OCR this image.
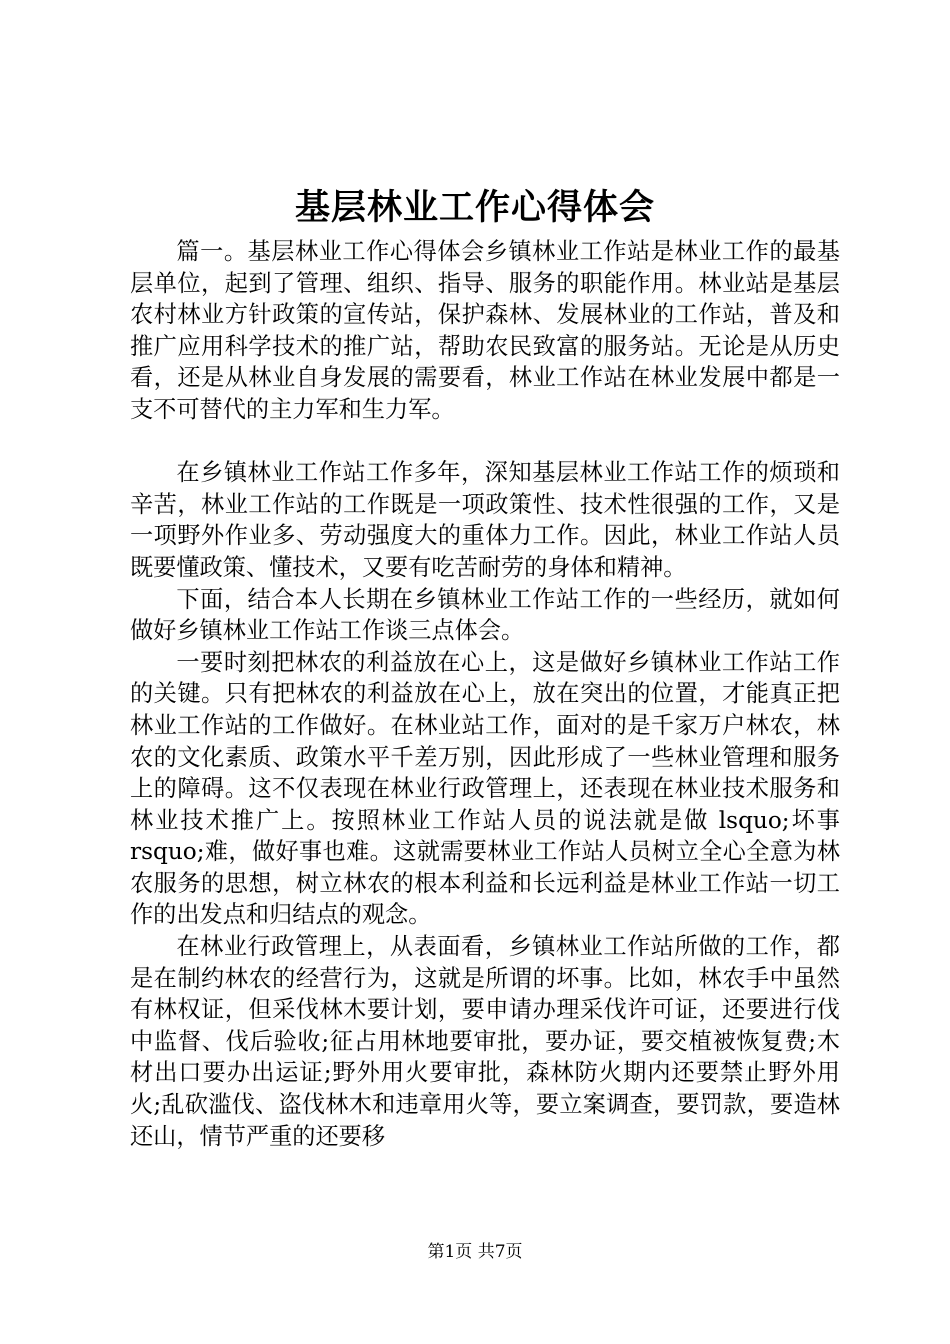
基层林业工作心得体会

篇一。基层林业工作心得体会乡镇林业工作站是林业工作的最基层单位，起到了管理、组织、指导、服务的职能作用。林业站是基层农村林业方针政策的宣传站，保护森林、发展林业的工作站，普及和推广应用科学技术的推广站，帮助农民致富的服务站。无论是从历史看，还是从林业自身发展的需要看，林业工作站在林业发展中都是一支不可替代的主力军和生力军。

在乡镇林业工作站工作多年，深知基层林业工作站工作的烦琐和辛苦，林业工作站的工作既是一项政策性、技术性很强的工作，又是一项野外作业多、劳动强度大的重体力工作。因此，林业工作站人员既要懂政策、懂技术，又要有吃苦耐劳的身体和精神。

下面，结合本人长期在乡镇林业工作站工作的一些经历，就如何做好乡镇林业工作站工作谈三点体会。

一要时刻把林农的利益放在心上，这是做好乡镇林业工作站工作的关键。只有把林农的利益放在心上，放在突出的位置，才能真正把林业工作站的工作做好。在林业站工作，面对的是千家万户林农，林农的文化素质、政策水平千差万别，因此形成了一些林业管理和服务上的障碍。这不仅表现在林业行政管理上，还表现在林业技术服务和林业技术推广上。按照林业工作站人员的说法就是做 lsquo;坏事 rsquo;难，做好事也难。这就需要林业工作站人员树立全心全意为林农服务的思想，树立林农的根本利益和长远利益是林业工作站一切工作的出发点和归结点的观念。

在林业行政管理上，从表面看，乡镇林业工作站所做的工作，都是在制约林农的经营行为，这就是所谓的坏事。比如，林农手中虽然有林权证，但采伐林木要计划，要申请办理采伐许可证，还要进行伐中监督、伐后验收;征占用林地要审批，要办证，要交植被恢复费;木材出口要办出运证;野外用火要审批，森林防火期内还要禁止野外用火;乱砍滥伐、盗伐林木和违章用火等，要立案调查，要罚款，要造林还山，情节严重的还要移

第1页 共7页
